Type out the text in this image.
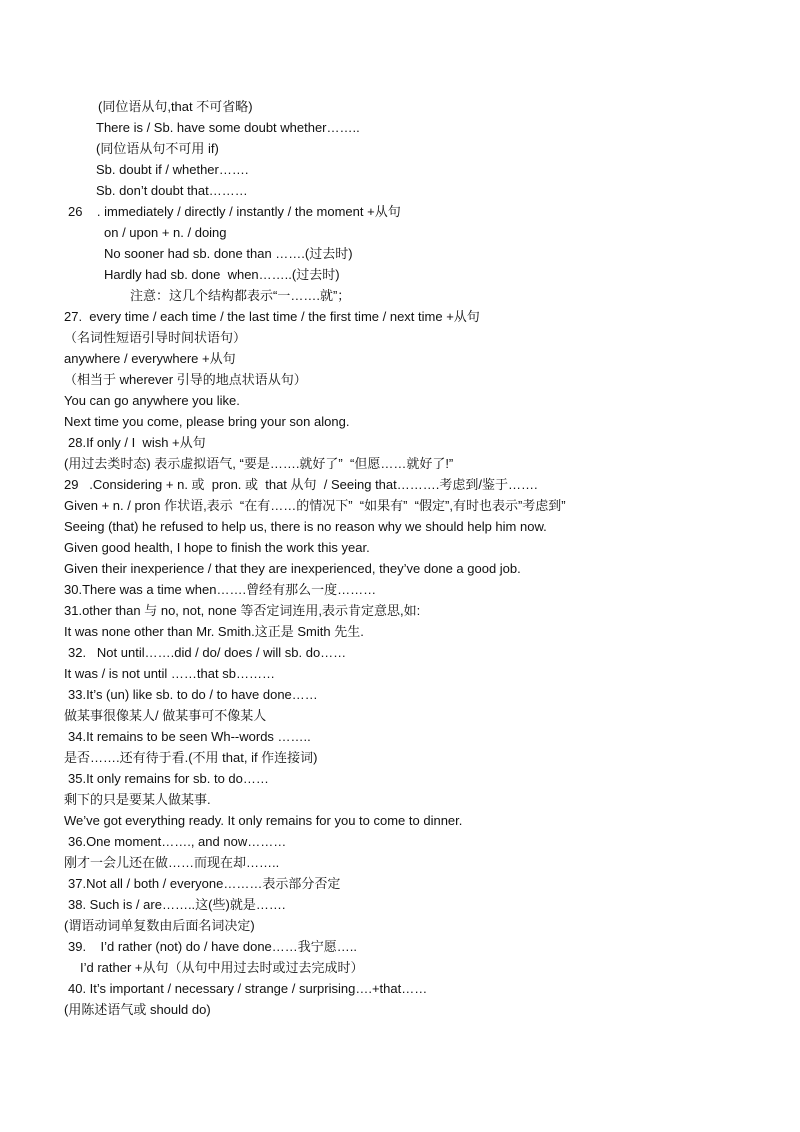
(同位语从句,that 不可省略)
There is / Sb. have some doubt whether……..
(同位语从句不可用 if)
Sb. doubt if / whether…….
Sb. don’t doubt that………
26    . immediately / directly / instantly / the moment +从句
on / upon + n. / doing
No sooner had sb. done than …….(过去时)
Hardly had sb. done  when……..(过去时)
注意：这几个结构都表示“一…….就”；
27.  every time / each time / the last time / the first time / next time +从句
（名词性短语引导时间状语句）
anywhere / everywhere +从句
（相当于 wherever 引导的地点状语从句）
You can go anywhere you like.
Next time you come, please bring your son along.
28.If only / I  wish +从句
(用过去类时态) 表示虚拟语气, “要是…….就好了”  “但愿……就好了!”
29   .Considering + n. 或  pron. 或  that 从句  / Seeing that……….考虑到/鉴于…….
Given + n. / pron 作状语,表示  “在有……的情况下”  “如果有”  “假定”,有时也表示”考虑到”
Seeing (that) he refused to help us, there is no reason why we should help him now.
Given good health, I hope to finish the work this year.
Given their inexperience / that they are inexperienced, they’ve done a good job.
30.There was a time when…….曾经有那么一度………
31.other than 与 no, not, none 等否定词连用,表示肯定意思,如:
It was none other than Mr. Smith.这正是 Smith 先生.
32.   Not until…….did / do/ does / will sb. do……
It was / is not until ……that sb………
33.It’s (un) like sb. to do / to have done……
做某事很像某人/ 做某事可不像某人
34.It remains to be seen Wh--words ……..
是否…….还有待于看.(不用 that, if 作连接词)
35.It only remains for sb. to do……
剩下的只是要某人做某事.
We’ve got everything ready. It only remains for you to come to dinner.
36.One moment……., and now………
刚才一会儿还在做……而现在却……..
37.Not all / both / everyone………表示部分否定
38. Such is / are……..这(些)就是…….
(谓语动词单复数由后面名词决定)
39.    I’d rather (not) do / have done……我宁愿…..
I’d rather +从句（从句中用过去时或过去完成时）
40. It’s important / necessary / strange / surprising….+that……
(用陈述语气或 should do)
